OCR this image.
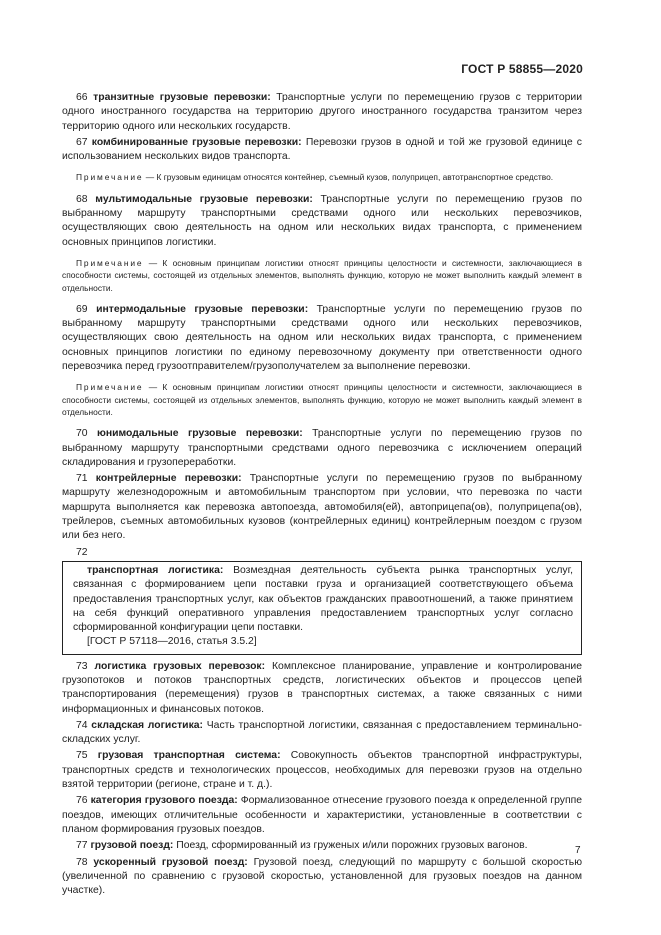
ГОСТ Р 58855—2020

66 транзитные грузовые перевозки: Транспортные услуги по перемещению грузов с территории одного иностранного государства на территорию другого иностранного государства транзитом через территорию одного или нескольких государств.

67 комбинированные грузовые перевозки: Перевозки грузов в одной и той же грузовой единице с использованием нескольких видов транспорта.

Примечание — К грузовым единицам относятся контейнер, съемный кузов, полуприцеп, автотранспортное средство.

68 мультимодальные грузовые перевозки: Транспортные услуги по перемещению грузов по выбранному маршруту транспортными средствами одного или нескольких перевозчиков, осуществляющих свою деятельность на одном или нескольких видах транспорта, с применением основных принципов логистики.

Примечание — К основным принципам логистики относят принципы целостности и системности, заключающиеся в способности системы, состоящей из отдельных элементов, выполнять функцию, которую не может выполнить каждый элемент в отдельности.

69 интермодальные грузовые перевозки: Транспортные услуги по перемещению грузов по выбранному маршруту транспортными средствами одного или нескольких перевозчиков, осуществляющих свою деятельность на одном или нескольких видах транспорта, с применением основных принципов логистики по единому перевозочному документу при ответственности одного перевозчика перед грузоотправителем/грузополучателем за выполнение перевозки.

Примечание — К основным принципам логистики относят принципы целостности и системности, заключающиеся в способности системы, состоящей из отдельных элементов, выполнять функцию, которую не может выполнить каждый элемент в отдельности.

70 юнимодальные грузовые перевозки: Транспортные услуги по перемещению грузов по выбранному маршруту транспортными средствами одного перевозчика с исключением операций складирования и грузопереработки.

71 контрейлерные перевозки: Транспортные услуги по перемещению грузов по выбранному маршруту железнодорожным и автомобильным транспортом при условии, что перевозка по части маршрута выполняется как перевозка автопоезда, автомобиля(ей), автоприцепа(ов), полуприцепа(ов), трейлеров, съемных автомобильных кузовов (контрейлерных единиц) контрейлерным поездом с грузом или без него.

72

транспортная логистика: Возмездная деятельность субъекта рынка транспортных услуг, связанная с формированием цепи поставки груза и организацией соответствующего объема предоставления транспортных услуг, как объектов гражданских правоотношений, а также принятием на себя функций оперативного управления предоставлением транспортных услуг согласно сформированной конфигурации цепи поставки.
[ГОСТ Р 57118—2016, статья 3.5.2]

73 логистика грузовых перевозок: Комплексное планирование, управление и контролирование грузопотоков и потоков транспортных средств, логистических объектов и процессов цепей транспортирования (перемещения) грузов в транспортных системах, а также связанных с ними информационных и финансовых потоков.

74 складская логистика: Часть транспортной логистики, связанная с предоставлением терминально-складских услуг.

75 грузовая транспортная система: Совокупность объектов транспортной инфраструктуры, транспортных средств и технологических процессов, необходимых для перевозки грузов на отдельно взятой территории (регионе, стране и т. д.).

76 категория грузового поезда: Формализованное отнесение грузового поезда к определенной группе поездов, имеющих отличительные особенности и характеристики, установленные в соответствии с планом формирования грузовых поездов.

77 грузовой поезд: Поезд, сформированный из груженых и/или порожних грузовых вагонов.

78 ускоренный грузовой поезд: Грузовой поезд, следующий по маршруту с большой скоростью (увеличенной по сравнению с грузовой скоростью, установленной для грузовых поездов на данном участке).

7
